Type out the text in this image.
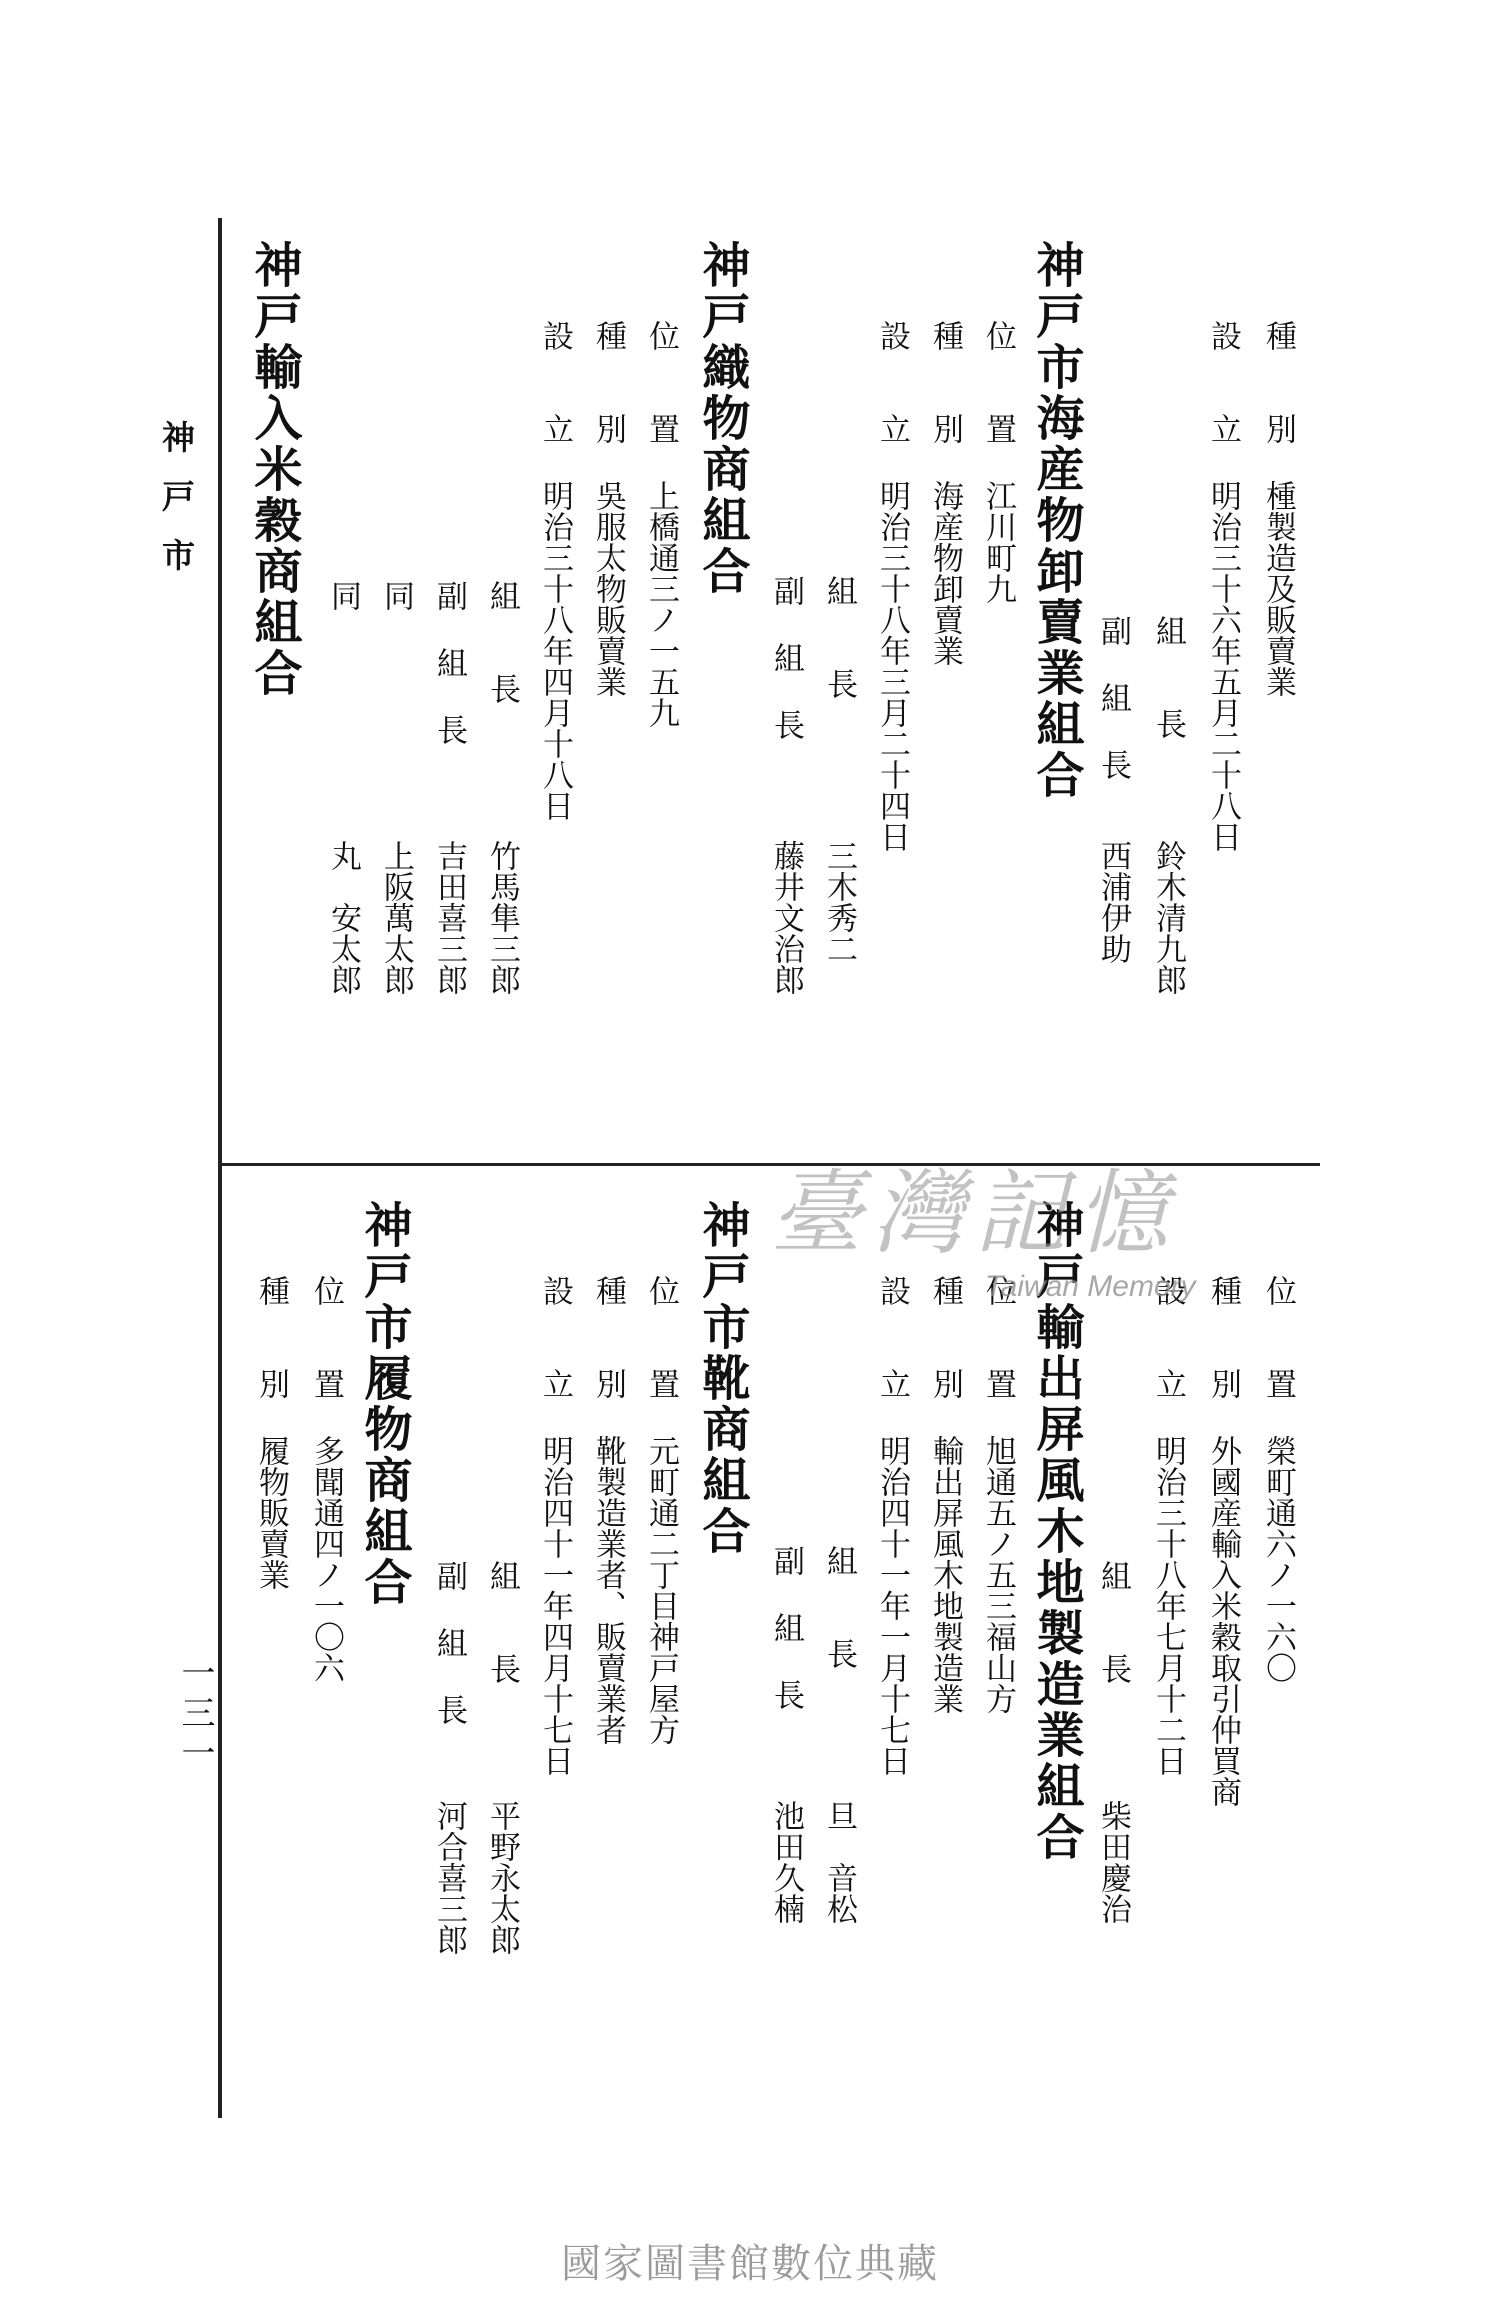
神戸市
種　　別
㮔製造及販賣業
設　　立
明治三十六年五月二十八日
組　　長
鈴木清九郎
副 組 長
西浦伊助
神戸市海産物卸賣業組合
位　　置
江川町九
種　　別
海産物卸賣業
設　　立
明治三十八年三月二十四日
組　　長
三木秀二
副 組 長
藤井文治郎
神戸織物商組合
位　　置
上橋通三ノ一五九
種　　別
吳服太物販賣業
設　　立
明治三十八年四月十八日
組　　長
竹馬隼三郎
副 組 長
吉田喜三郎
同
上阪萬太郎
同
丸　安太郎
神戸輸入米穀商組合
位　　置
榮町通六ノ一六〇
種　　別
外國産輸入米穀取引仲買商
設　　立
明治三十八年七月十二日
組　　長
柴田慶治
神戸輸出屏風木地製造業組合
位　　置
旭通五ノ五三福山方
種　　別
輸出屏風木地製造業
設　　立
明治四十一年一月十七日
組　　長
旦　音松
副 組 長
池田久楠
神戸市靴商組合
位　　置
元町通二丁目神戸屋方
種　　別
靴製造業者、販賣業者
設　　立
明治四十一年四月十七日
組　　長
平野永太郎
副 組 長
河合喜三郎
神戸市履物商組合
位　　置
多聞通四ノ一〇六
種　　別
履物販賣業
一三一
臺灣記憶
Taiwan Memory
國家圖書館數位典藏
